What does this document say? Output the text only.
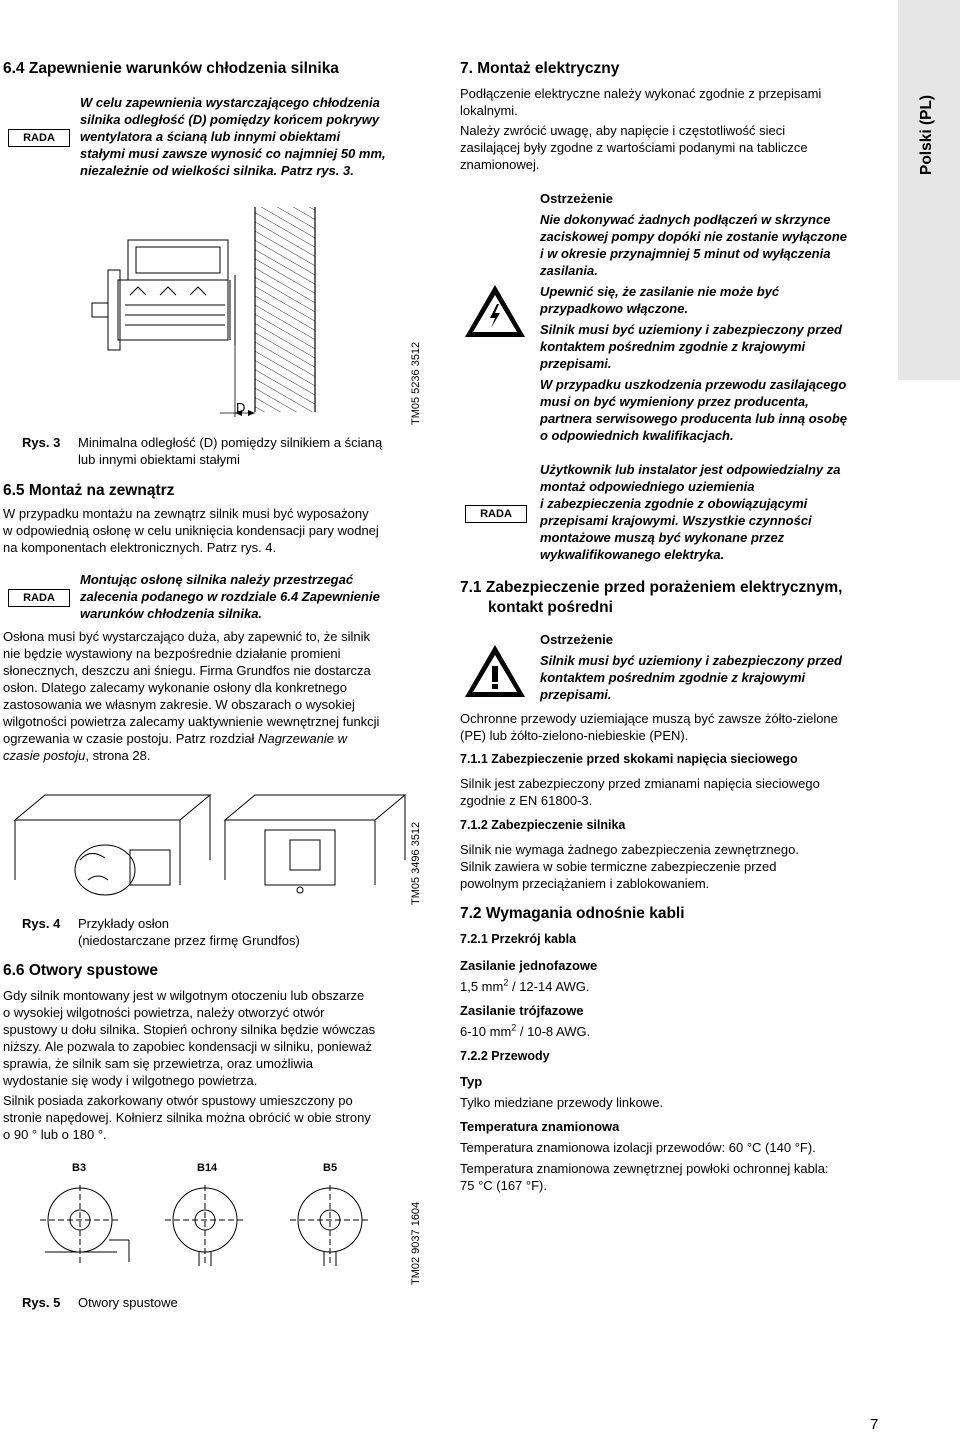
Polski (PL)
6.4 Zapewnienie warunków chłodzenia silnika
RADA
W celu zapewnienia wystarczającego chłodzenia
silnika odległość (D) pomiędzy końcem pokrywy
wentylatora a ścianą lub innymi obiektami
stałymi musi zawsze wynosić co najmniej 50 mm,
niezależnie od wielkości silnika. Patrz rys. 3.
D	TM05 5236 3512
Rys. 3 Minimalna odległość (D) pomiędzy silnikiem a ścianą
lub innymi obiektami stałymi
6.5 Montaż na zewnątrz
W przypadku montażu na zewnątrz silnik musi być wyposażony
w odpowiednią osłonę w celu uniknięcia kondensacji pary wodnej
na komponentach elektronicznych. Patrz rys. 4.
RADA
Montując osłonę silnika należy przestrzegać
zalecenia podanego w rozdziale 6.4 Zapewnienie
warunków chłodzenia silnika.
Osłona musi być wystarczająco duża, aby zapewnić to, że silnik
nie będzie wystawiony na bezpośrednie działanie promieni
słonecznych, deszczu ani śniegu. Firma Grundfos nie dostarcza
osłon. Dlatego zalecamy wykonanie osłony dla konkretnego
zastosowania we własnym zakresie. W obszarach o wysokiej
wilgotności powietrza zalecamy uaktywnienie wewnętrznej funkcji
ogrzewania w czasie postoju. Patrz rozdział Nagrzewanie w
czasie postoju, strona 28.
TM05 3496 3512
Rys. 4 Przykłady osłon
(niedostarczane przez firmę Grundfos)
6.6 Otwory spustowe
Gdy silnik montowany jest w wilgotnym otoczeniu lub obszarze
o wysokiej wilgotności powietrza, należy otworzyć otwór
spustowy u dołu silnika. Stopień ochrony silnika będzie wówczas
niższy. Ale pozwala to zapobiec kondensacji w silniku, ponieważ
sprawia, że silnik sam się przewietrza, oraz umożliwia
wydostanie się wody i wilgotnego powietrza.
Silnik posiada zakorkowany otwór spustowy umieszczony po
stronie napędowej. Kołnierz silnika można obrócić w obie strony
o 90 ° lub o 180 °.
B3	B14	B5
TM02 9037 1604
Rys. 5 Otwory spustowe
7. Montaż elektryczny
Podłączenie elektryczne należy wykonać zgodnie z przepisami
lokalnymi.
Należy zwrócić uwagę, aby napięcie i częstotliwość sieci
zasilającej były zgodne z wartościami podanymi na tabliczce
znamionowej.
Ostrzeżenie
Nie dokonywać żadnych podłączeń w skrzynce
zaciskowej pompy dopóki nie zostanie wyłączone
i w okresie przynajmniej 5 minut od wyłączenia
zasilania.
Upewnić się, że zasilanie nie może być
przypadkowo włączone.
Silnik musi być uziemiony i zabezpieczony przed
kontaktem pośrednim zgodnie z krajowymi
przepisami.
W przypadku uszkodzenia przewodu zasilającego
musi on być wymieniony przez producenta,
partnera serwisowego producenta lub inną osobę
o odpowiednich kwalifikacjach.
RADA
Użytkownik lub instalator jest odpowiedzialny za
montaż odpowiedniego uziemienia
i zabezpieczenia zgodnie z obowiązującymi
przepisami krajowymi. Wszystkie czynności
montażowe muszą być wykonane przez
wykwalifikowanego elektryka.
7.1 Zabezpieczenie przed porażeniem elektrycznym,
kontakt pośredni
Ostrzeżenie
Silnik musi być uziemiony i zabezpieczony przed
kontaktem pośrednim zgodnie z krajowymi
przepisami.
Ochronne przewody uziemiające muszą być zawsze żółto-zielone
(PE) lub żółto-zielono-niebieskie (PEN).
7.1.1 Zabezpieczenie przed skokami napięcia sieciowego
Silnik jest zabezpieczony przed zmianami napięcia sieciowego
zgodnie z EN 61800-3.
7.1.2 Zabezpieczenie silnika
Silnik nie wymaga żadnego zabezpieczenia zewnętrznego.
Silnik zawiera w sobie termiczne zabezpieczenie przed
powolnym przeciążaniem i zablokowaniem.
7.2 Wymagania odnośnie kabli
7.2.1 Przekrój kabla
Zasilanie jednofazowe
1,5 $mm^2 / 12-14$ AWG.
Zasilanie trójfazowe
6-10 $mm^2 / 10-8$ AWG.
7.2.2 Przewody
Typ
Tylko miedziane przewody linkowe.
Temperatura znamionowa
Temperatura znamionowa izolacji przewodów: 60 °C (140 °F).
Temperatura znamionowa zewnętrznej powłoki ochronnej kabla:
75 °C (167 °F).
7
